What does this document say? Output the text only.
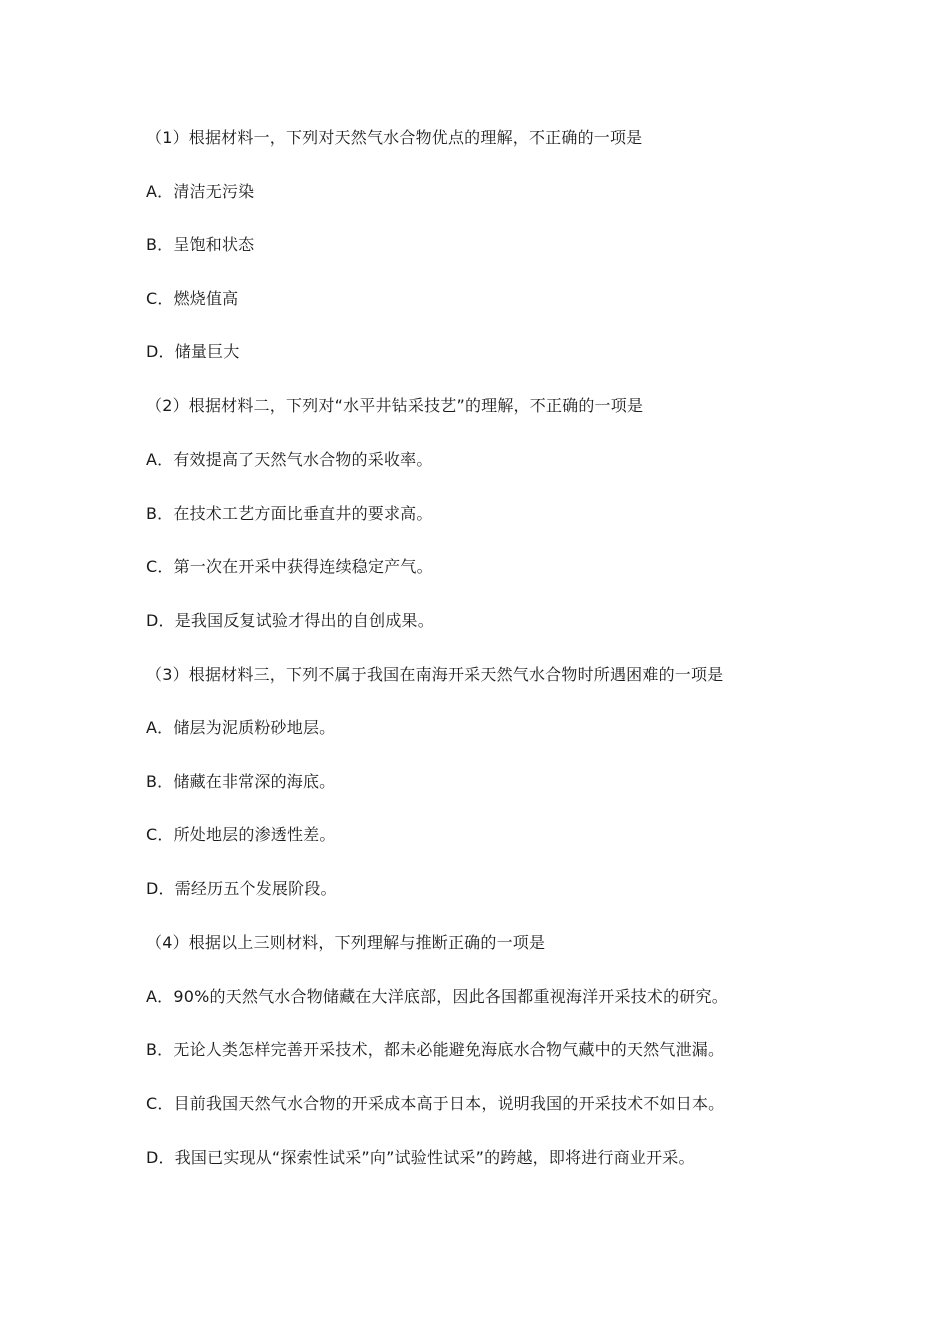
（1）根据材料一，下列对天然气水合物优点的理解，不正确的一项是
A．清洁无污染
B．呈饱和状态
C．燃烧值高
D．储量巨大
（2）根据材料二，下列对“水平井钻采技艺”的理解，不正确的一项是
A．有效提高了天然气水合物的采收率。
B．在技术工艺方面比垂直井的要求高。
C．第一次在开采中获得连续稳定产气。
D．是我国反复试验才得出的自创成果。
（3）根据材料三，下列不属于我国在南海开采天然气水合物时所遇困难的一项是
A．储层为泥质粉砂地层。
B．储藏在非常深的海底。
C．所处地层的渗透性差。
D．需经历五个发展阶段。
（4）根据以上三则材料，下列理解与推断正确的一项是
A．90%的天然气水合物储藏在大洋底部，因此各国都重视海洋开采技术的研究。
B．无论人类怎样完善开采技术，都未必能避免海底水合物气藏中的天然气泄漏。
C．目前我国天然气水合物的开采成本高于日本，说明我国的开采技术不如日本。
D．我国已实现从“探索性试采”向”试验性试采”的跨越，即将进行商业开采。
